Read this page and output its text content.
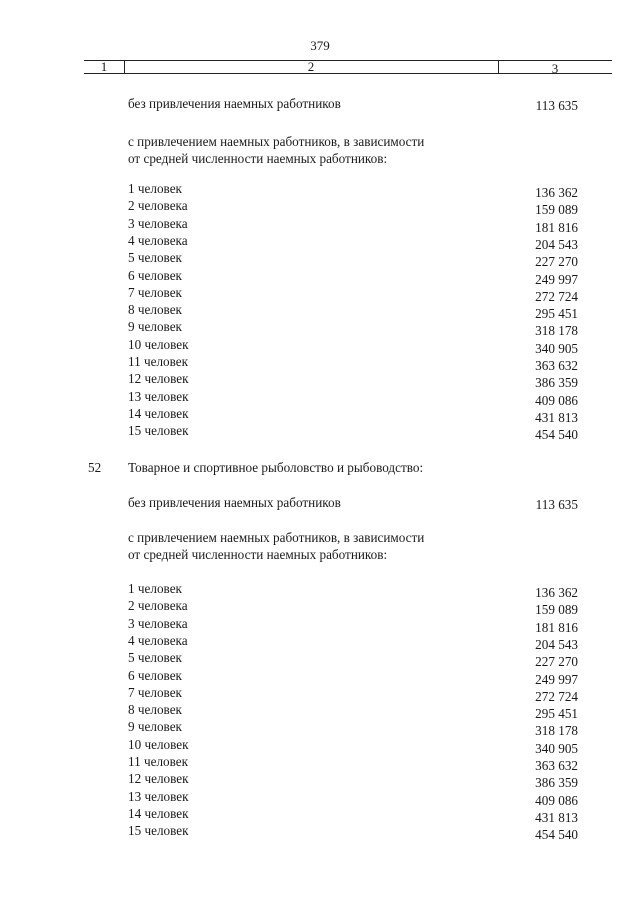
379
1	2	3
без привлечения наемных работников	113 635
с привлечением наемных работников, в зависимости
от средней численности наемных работников:
1 человек	136 362
2 человека	159 089
3 человека	181 816
4 человека	204 543
5 человек	227 270
6 человек	249 997
7 человек	272 724
8 человек	295 451
9 человек	318 178
10 человек	340 905
11 человек	363 632
12 человек	386 359
13 человек	409 086
14 человек	431 813
15 человек	454 540
52 Товарное и спортивное рыболовство и рыбоводство:
без привлечения наемных работников	113 635
с привлечением наемных работников, в зависимости
от средней численности наемных работников:
1 человек	136 362
2 человека	159 089
3 человека	181 816
4 человека	204 543
5 человек	227 270
6 человек	249 997
7 человек	272 724
8 человек	295 451
9 человек	318 178
10 человек	340 905
11 человек	363 632
12 человек	386 359
13 человек	409 086
14 человек	431 813
15 человек	454 540
